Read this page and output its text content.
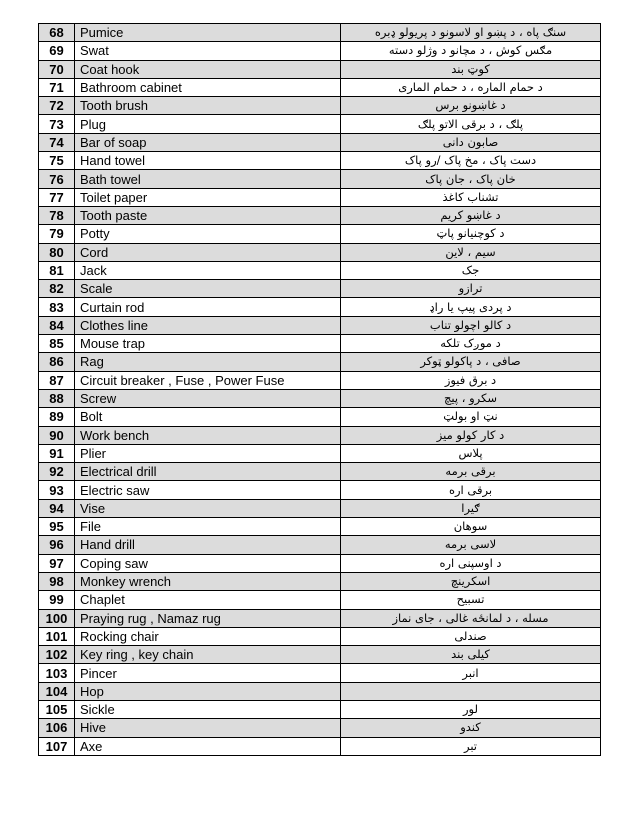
68	Pumice	سنګ پاه ، د پښو او لاسونو د پريولو ډبره
69	Swat	مګس کوش ، د مچانو د وژلو دسته
70	Coat hook	کوټ بند
71	Bathroom cabinet	د حمام الماره ، د حمام الماری
72	Tooth brush	د غاښونو برس
73	Plug	پلګ ، د برقی الاتو پلګ
74	Bar of soap	صابون دانی
75	Hand towel	دست پاک ، مخ پاک /رو پاک
76	Bath towel	خان پاک ، جان پاک
77	Toilet paper	تشناب کاغذ
78	Tooth paste	د غاښو کريم
79	Potty	د کوچنيانو پاټ
80	Cord	سيم ، لاين
81	Jack	جک
82	Scale	ترازو
83	Curtain rod	د پردی پيپ يا راډ
84	Clothes line	د کالو اچولو تناب
85	Mouse trap	د موږک تلکه
86	Rag	صافی ، د پاکولو ټوکر
87	Circuit breaker , Fuse , Power Fuse	د برق فيوز
88	Screw	سکرو ، پيچ
89	Bolt	نټ او بولټ
90	Work bench	د کار کولو ميز
91	Plier	پلاس
92	Electrical drill	برقی برمه
93	Electric saw	برقی اره
94	Vise	ګيرا
95	File	سوهان
96	Hand drill	لاسی برمه
97	Coping saw	د اوسپنی اره
98	Monkey wrench	اسکرينچ
99	Chaplet	تسبيح
100	Praying rug , Namaz rug	مسله ، د لمانځه غالی ، جای نماز
101	Rocking chair	صندلی
102	Key ring , key chain	کيلی بند
103	Pincer	انبر
104	Hop	
105	Sickle	لور
106	Hive	کندو
107	Axe	تبر
